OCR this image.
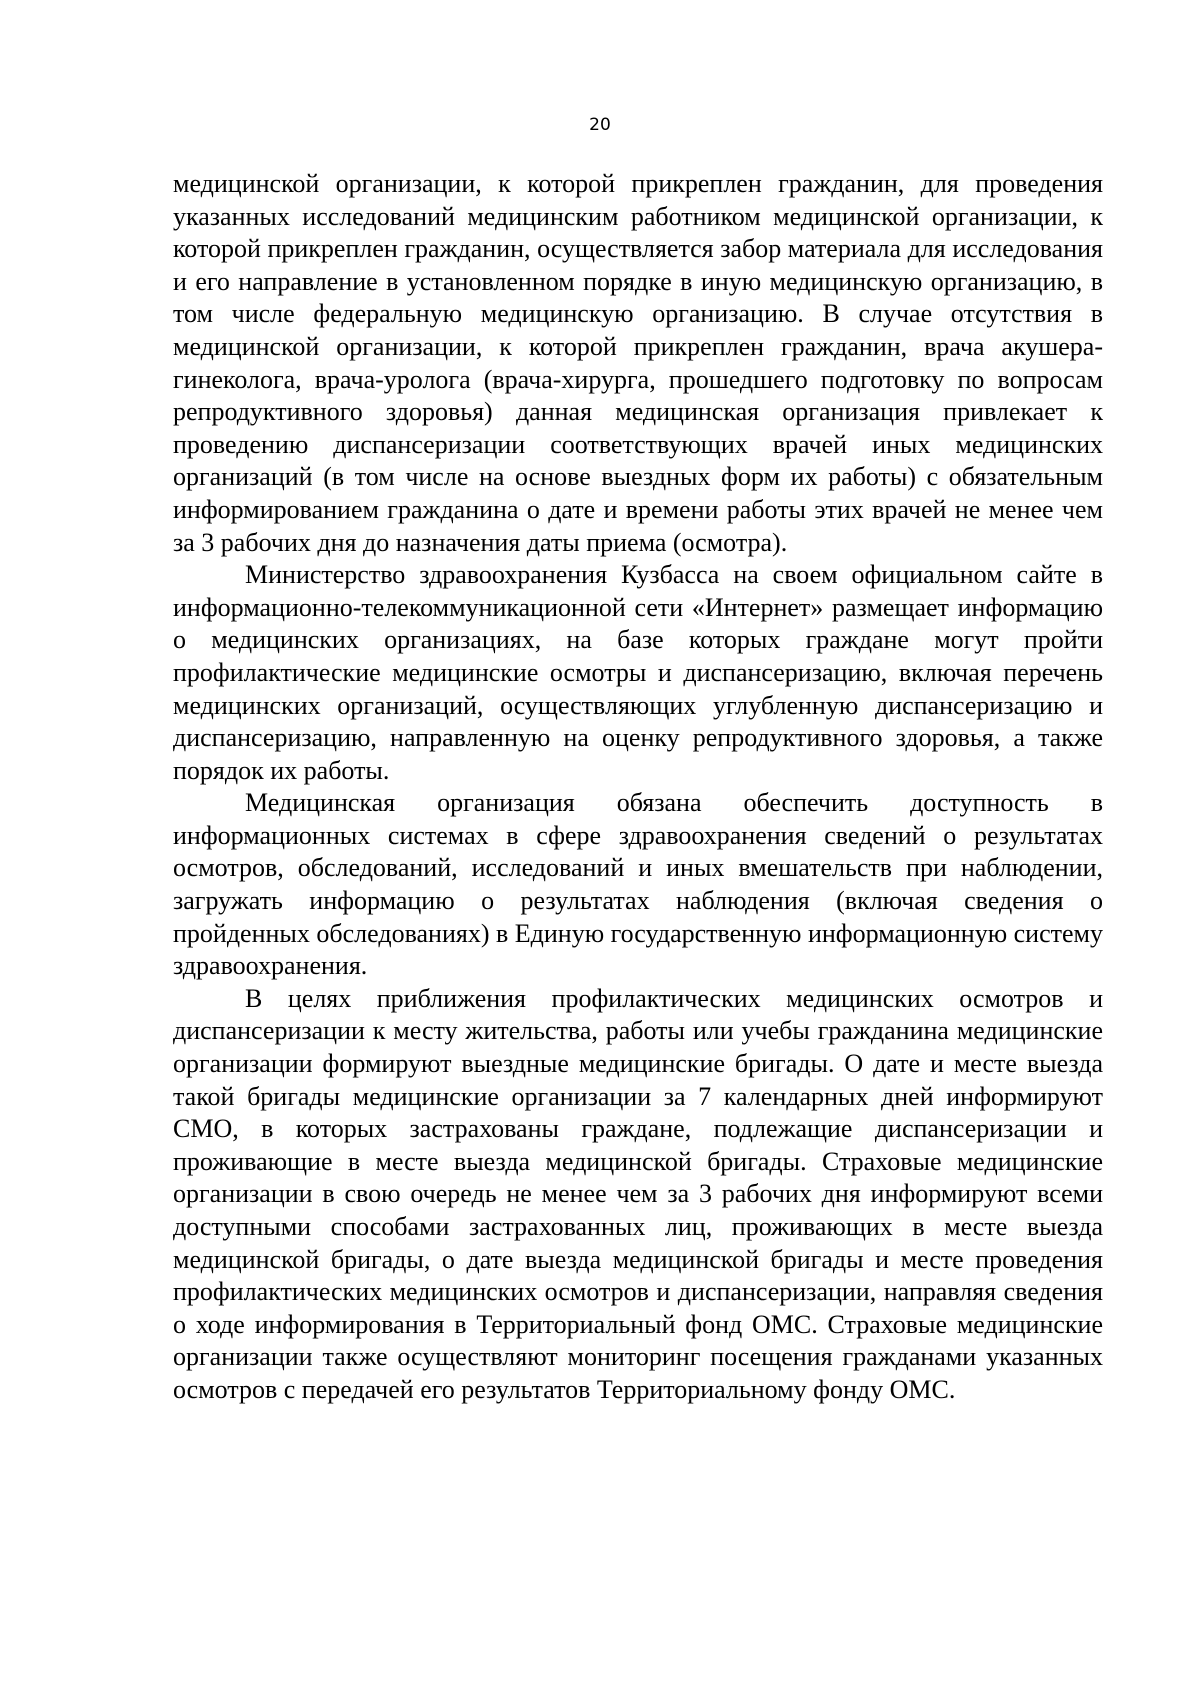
20

медицинской организации, к которой прикреплен гражданин, для проведения указанных исследований медицинским работником медицинской организации, к которой прикреплен гражданин, осуществляется забор материала для исследования и его направление в установленном порядке в иную медицинскую организацию, в том числе федеральную медицинскую организацию. В случае отсутствия в медицинской организации, к которой прикреплен гражданин, врача акушера-гинеколога, врача-уролога (врача-хирурга, прошедшего подготовку по вопросам репродуктивного здоровья) данная медицинская организация привлекает к проведению диспансеризации соответствующих врачей иных медицинских организаций (в том числе на основе выездных форм их работы) с обязательным информированием гражданина о дате и времени работы этих врачей не менее чем за 3 рабочих дня до назначения даты приема (осмотра).

Министерство здравоохранения Кузбасса на своем официальном сайте в информационно-телекоммуникационной сети «Интернет» размещает информацию о медицинских организациях, на базе которых граждане могут пройти профилактические медицинские осмотры и диспансеризацию, включая перечень медицинских организаций, осуществляющих углубленную диспансеризацию и диспансеризацию, направленную на оценку репродуктивного здоровья, а также порядок их работы.

Медицинская организация обязана обеспечить доступность в информационных системах в сфере здравоохранения сведений о результатах осмотров, обследований, исследований и иных вмешательств при наблюдении, загружать информацию о результатах наблюдения (включая сведения о пройденных обследованиях) в Единую государственную информационную систему здравоохранения.

В целях приближения профилактических медицинских осмотров и диспансеризации к месту жительства, работы или учебы гражданина медицинские организации формируют выездные медицинские бригады. О дате и месте выезда такой бригады медицинские организации за 7 календарных дней информируют СМО, в которых застрахованы граждане, подлежащие диспансеризации и проживающие в месте выезда медицинской бригады. Страховые медицинские организации в свою очередь не менее чем за 3 рабочих дня информируют всеми доступными способами застрахованных лиц, проживающих в месте выезда медицинской бригады, о дате выезда медицинской бригады и месте проведения профилактических медицинских осмотров и диспансеризации, направляя сведения о ходе информирования в Территориальный фонд ОМС. Страховые медицинские организации также осуществляют мониторинг посещения гражданами указанных осмотров с передачей его результатов Территориальному фонду ОМС.
